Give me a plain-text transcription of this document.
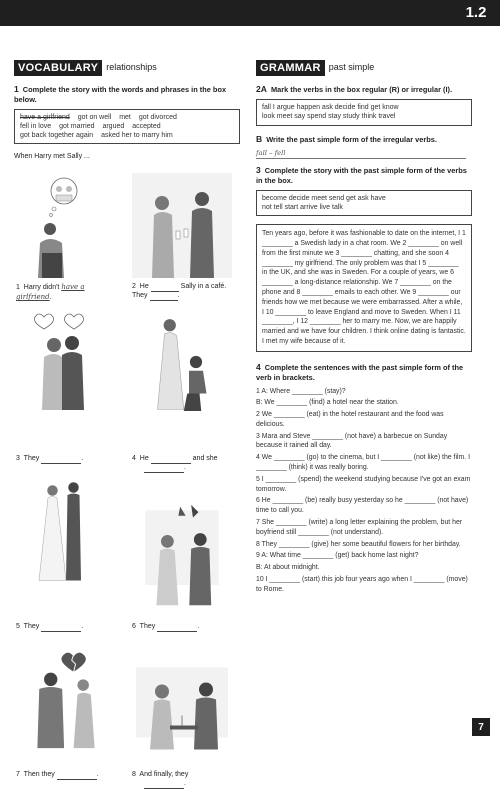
1.2
VOCABULARY relationships
1 Complete the story with the words and phrases in the box below.
have a girlfriend got on well met got divorced
fell in love got married argued accepted
got back together again asked her to marry him
When Harry met Sally ...
1 Harry didn't have a girlfriend.
2 He	Sally in a café. They	.
3 They	.	4 He	and she
.
5 They	.	6 They	.
7 Then they	.	8 And finally, they
.
GRAMMAR past simple
2A Mark the verbs in the box regular (R) or irregular (I).
fall I argue happen ask decide find get know
look meet say spend stay study think travel
B Write the past simple form of the irregular verbs.
fall – fell
3 Complete the story with the past simple form of the verbs in the box.
become decide meet send get ask have
not tell start arrive live talk
Ten years ago, before it was fashionable to date on the internet, I 1 ________ a Swedish lady in a chat room. We 2 ________ on well from the first minute we 3 ________ chatting, and she soon 4 ________ my girlfriend. The only problem was that I 5 ________ in the UK, and she was in Sweden. For a couple of years, we 6 ________ a long-distance relationship. We 7 ________ on the phone and 8 ________ emails to each other. We 9 ________ our friends how we met because we were embarrassed. After a while, I 10 ________ to leave England and move to Sweden. When I 11 ________, I 12 ________ her to marry me. Now, we are happily married and we have four children. I think online dating is fantastic. I met my wife because of it.
4 Complete the sentences with the past simple form of the verb in brackets.
1 A: Where ________ (stay)?
B: We ________ (find) a hotel near the station.
2 We ________ (eat) in the hotel restaurant and the food was delicious.
3 Mara and Steve ________ (not have) a barbecue on Sunday because it rained all day.
4 We ________ (go) to the cinema, but I ________ (not like) the film. I ________ (think) it was really boring.
5 I ________ (spend) the weekend studying because I've got an exam tomorrow.
6 He ________ (be) really busy yesterday so he ________ (not have) time to call you.
7 She ________ (write) a long letter explaining the problem, but her boyfriend still ________ (not understand).
8 They ________ (give) her some beautiful flowers for her birthday.
9 A: What time ________ (get) back home last night?
B: At about midnight.
10 I ________ (start) this job four years ago when I ________ (move) to Rome.
7
